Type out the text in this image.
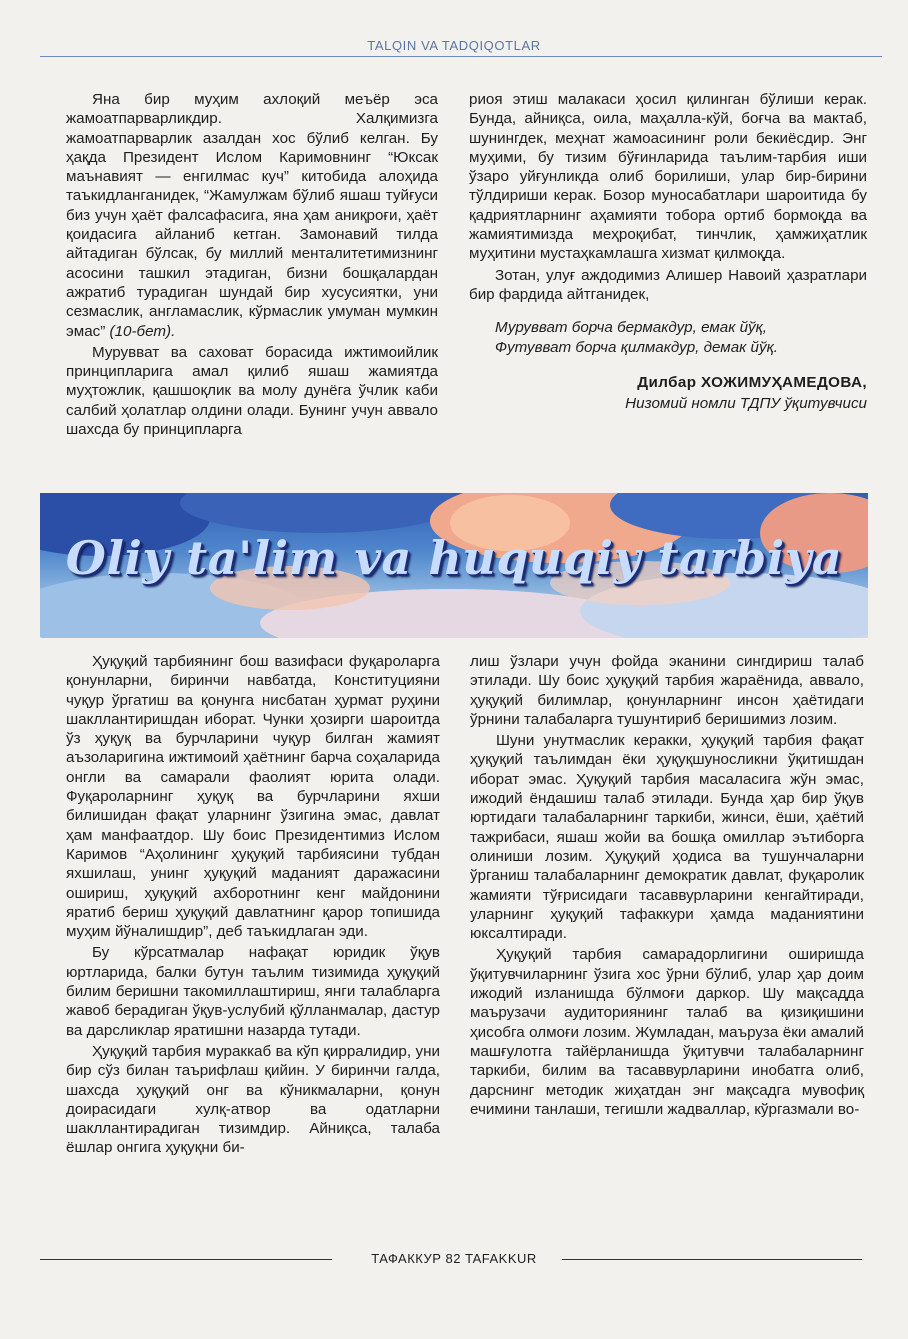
TALQIN VA TADQIQOTLAR

Яна бир муҳим ахлоқий меъёр эса жамоатпарварликдир. Халқимизга жамоатпарварлик азалдан хос бўлиб келган. Бу ҳақда Президент Ислом Каримовнинг “Юксак маънавият — енгилмас куч” китобида алоҳида таъкидланганидек, “Жамулжам бўлиб яшаш туйғуси биз учун ҳаёт фалсафасига, яна ҳам аниқроғи, ҳаёт қоидасига айланиб кетган. Замонавий тилда айтадиган бўлсак, бу миллий менталитетимизнинг асосини ташкил этадиган, бизни бошқалардан ажратиб турадиган шундай бир хусусиятки, уни сезмаслик, англамаслик, кўрмаслик умуман мумкин эмас” (10-бет).

Мурувват ва саховат борасида ижтимоийлик принципларига амал қилиб яшаш жамиятда муҳтожлик, қашшоқлик ва молу дунёга ўчлик каби салбий ҳолатлар олдини олади. Бунинг учун аввало шахсда бу принципларга

риоя этиш малакаси ҳосил қилинган бўлиши керак. Бунда, айниқса, оила, маҳалла-кўй, боғча ва мактаб, шунингдек, меҳнат жамоасининг роли бекиёсдир. Энг муҳими, бу тизим бўғинларида таълим-тарбия иши ўзаро уйғунликда олиб борилиши, улар бир-бирини тўлдириши керак. Бозор муносабатлари шароитида бу қадриятларнинг аҳамияти тобора ортиб бормоқда ва жамиятимизда меҳроқибат, тинчлик, ҳамжиҳатлик муҳитини мустаҳкамлашга хизмат қилмоқда.

Зотан, улуғ аждодимиз Алишер Навоий ҳазратлари бир фардида айтганидек,

Мурувват борча бермакдур, емак йўқ,
Футувват борча қилмакдур, демак йўқ.
Дилбар ХОЖИМУҲАМЕДОВА,
Низомий номли ТДПУ ўқитувчиси
Oliy ta'lim va huquqiy tarbiya

Ҳуқуқий тарбиянинг бош вазифаси фуқароларга қонунларни, биринчи навбатда, Конституцияни чуқур ўргатиш ва қонунга нисбатан ҳурмат руҳини шакллантиришдан иборат. Чунки ҳозирги шароитда ўз ҳуқуқ ва бурчларини чуқур билган жамият аъзоларигина ижтимоий ҳаётнинг барча соҳаларида онгли ва самарали фаолият юрита олади. Фуқароларнинг ҳуқуқ ва бурчларини яхши билишидан фақат уларнинг ўзигина эмас, давлат ҳам манфаатдор. Шу боис Президентимиз Ислом Каримов “Аҳолининг ҳуқуқий тарбиясини тубдан яхшилаш, унинг ҳуқуқий маданият даражасини ошириш, ҳуқуқий ахборотнинг кенг майдонини яратиб бериш ҳуқуқий давлатнинг қарор топишида муҳим йўналишдир”, деб таъкидлаган эди.

Бу кўрсатмалар нафақат юридик ўқув юртларида, балки бутун таълим тизимида ҳуқуқий билим беришни такомиллаштириш, янги талабларга жавоб берадиган ўқув-услубий қўлланмалар, дастур ва дарсликлар яратишни назарда тутади.

Ҳуқуқий тарбия мураккаб ва кўп қирралидир, уни бир сўз билан таърифлаш қийин. У биринчи галда, шахсда ҳуқуқий онг ва кўникмаларни, қонун доирасидаги хулқ-атвор ва одатларни шакллантирадиган тизимдир. Айниқса, талаба ёшлар онгига ҳуқуқни би-

лиш ўзлари учун фойда эканини сингдириш талаб этилади. Шу боис ҳуқуқий тарбия жараёнида, аввало, ҳуқуқий билимлар, қонунларнинг инсон ҳаётидаги ўрнини талабаларга тушунтириб беришимиз лозим.

Шуни унутмаслик керакки, ҳуқуқий тарбия фақат ҳуқуқий таълимдан ёки ҳуқуқшуносликни ўқитишдан иборат эмас. Ҳуқуқий тарбия масаласига жўн эмас, ижодий ёндашиш талаб этилади. Бунда ҳар бир ўқув юртидаги талабаларнинг таркиби, жинси, ёши, ҳаётий тажрибаси, яшаш жойи ва бошқа омиллар эътиборга олиниши лозим. Ҳуқуқий ҳодиса ва тушунчаларни ўрганиш талабаларнинг демократик давлат, фуқаролик жамияти тўғрисидаги тасаввурларини кенгайтиради, уларнинг ҳуқуқий тафаккури ҳамда маданиятини юксалтиради.

Ҳуқуқий тарбия самарадорлигини оширишда ўқитувчиларнинг ўзига хос ўрни бўлиб, улар ҳар доим ижодий изланишда бўлмоғи даркор. Шу мақсадда маърузачи аудиториянинг талаб ва қизиқишини ҳисобга олмоғи лозим. Жумладан, маъруза ёки амалий машғулотга тайёрланишда ўқитувчи талабаларнинг таркиби, билим ва тасаввурларини инобатга олиб, дарснинг методик жиҳатдан энг мақсадга мувофиқ ечимини танлаши, тегишли жадваллар, кўргазмали во-

ТАФАККУР 82 TAFAKKUR
